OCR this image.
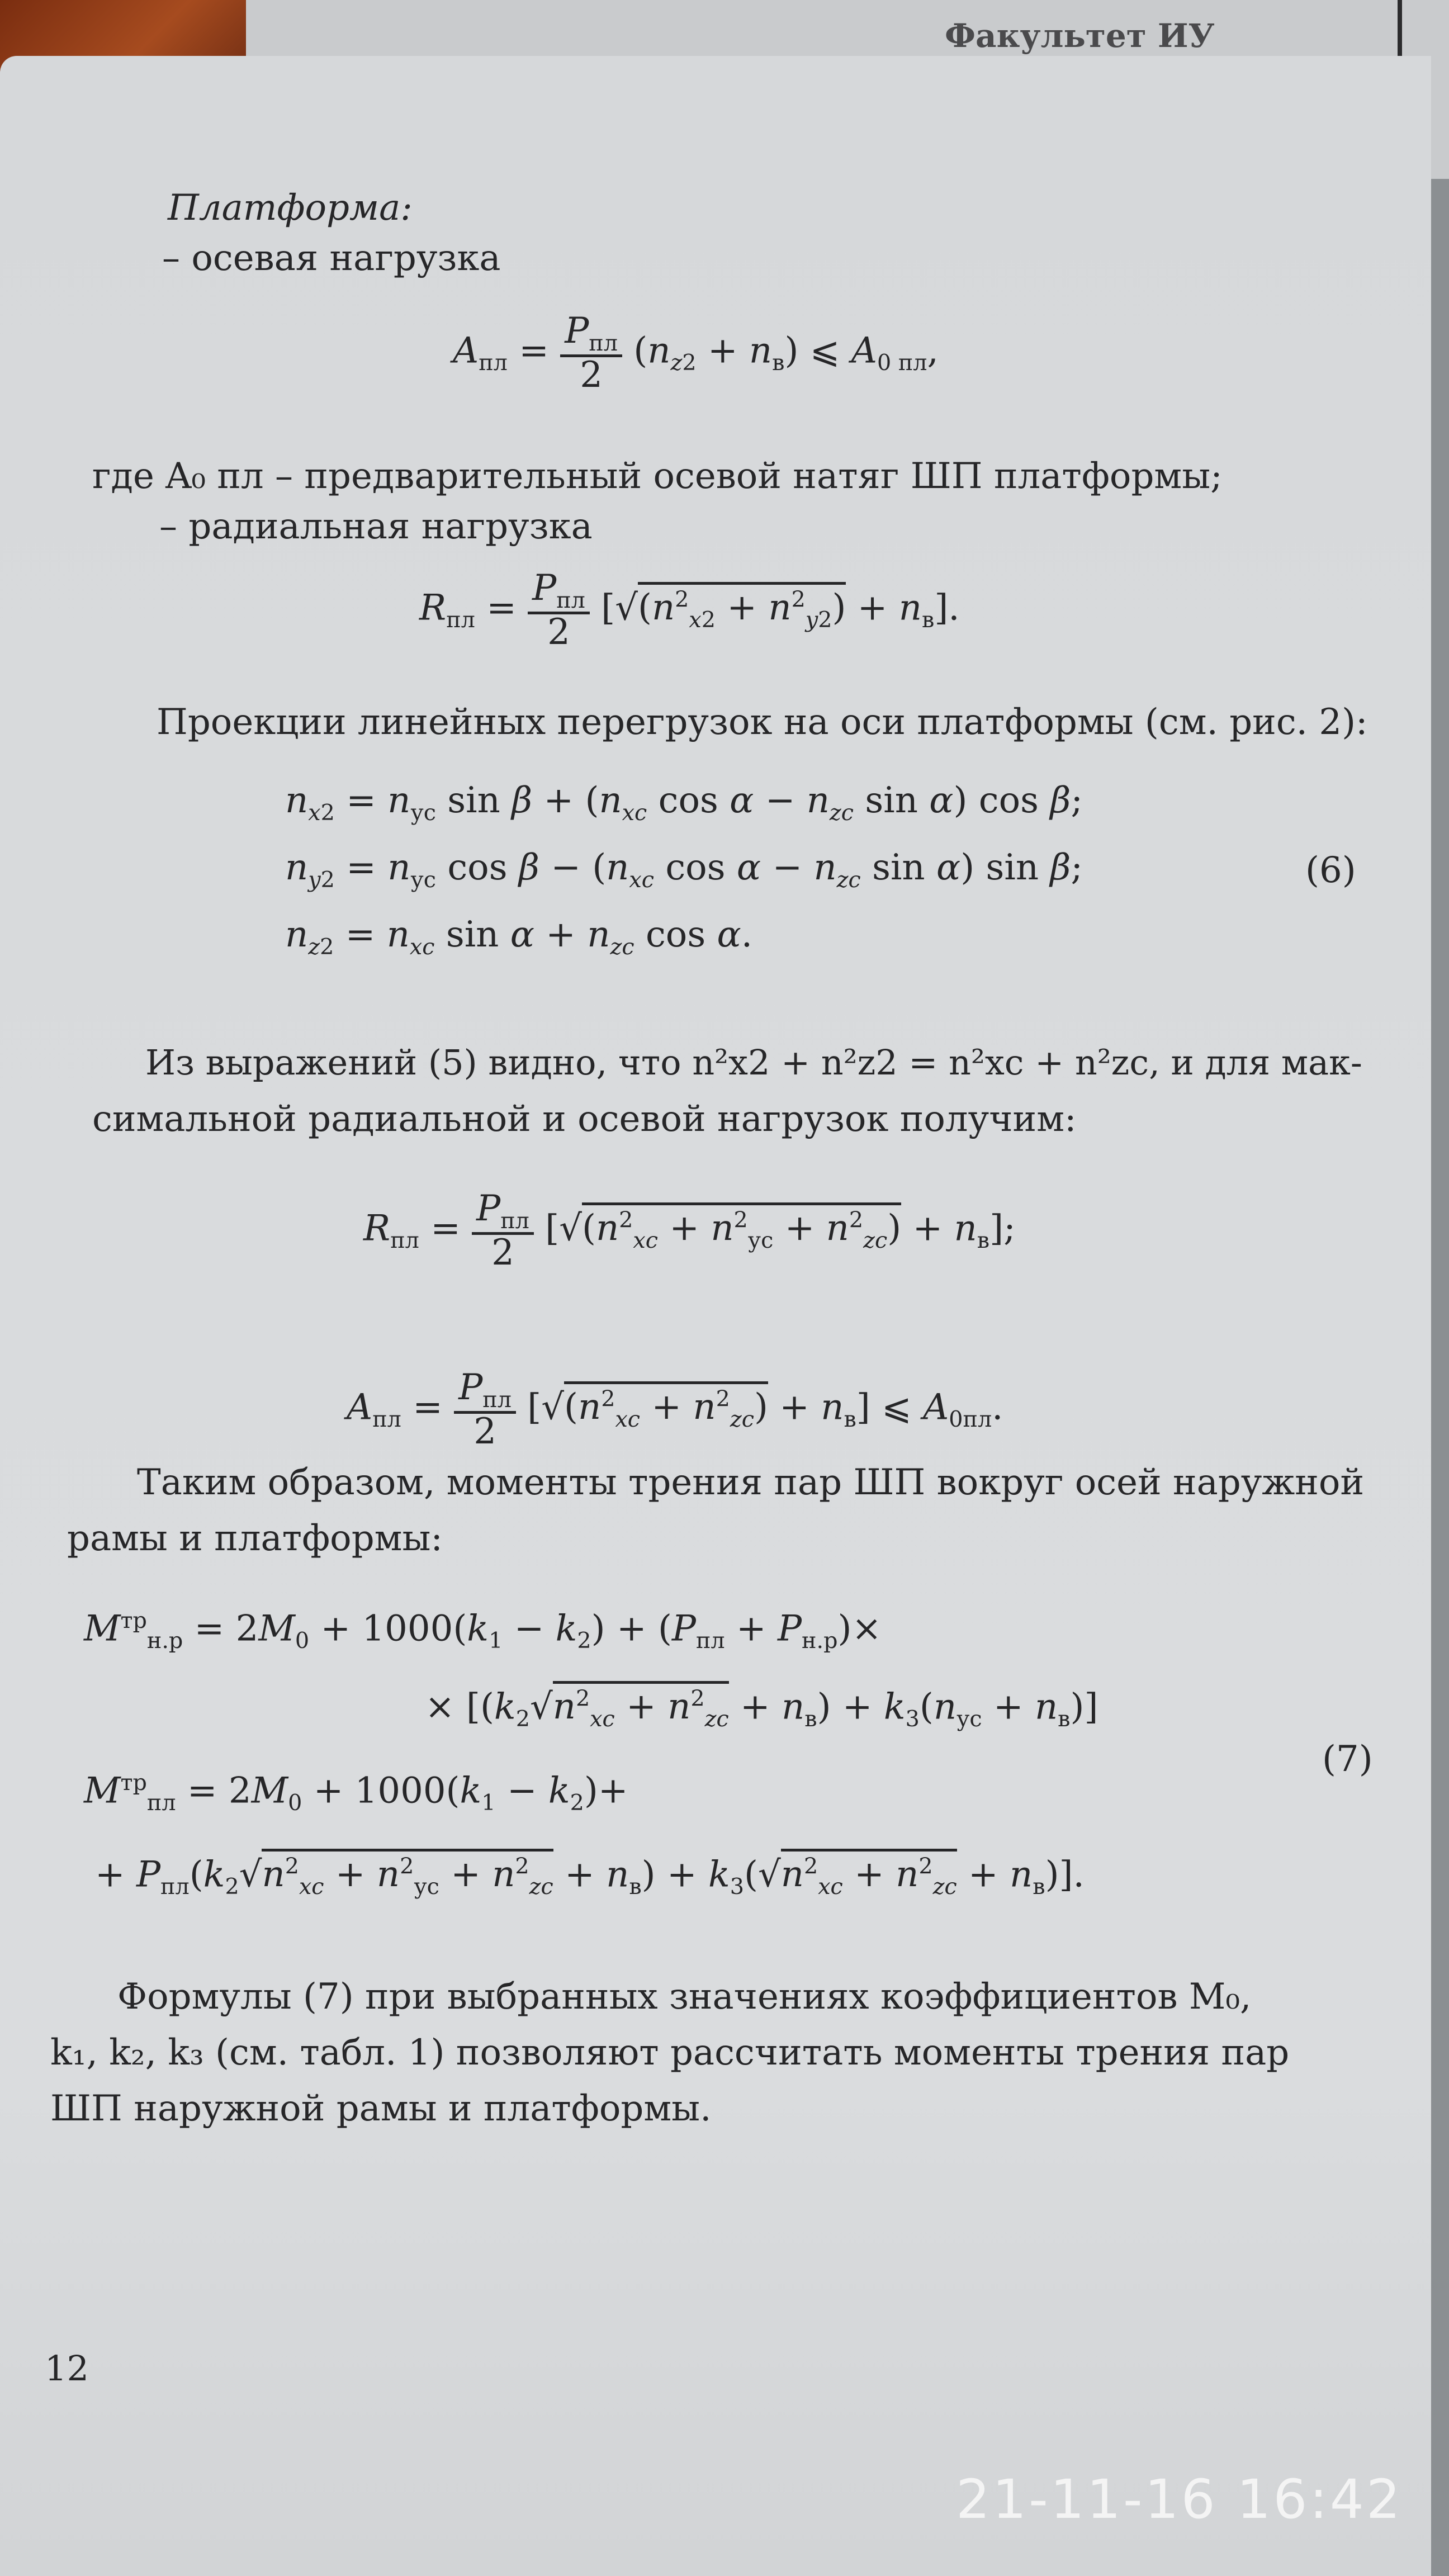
Факультет ИУ
Платформа:
– осевая нагрузка
$A_{пл} = \frac{P_{пл}}{2} (n_{z2} + n_в)$ ⩽ $A_{0 пл}$,
где A₀ пл – предварительный осевой натяг ШП платформы;
– радиальная нагрузка
$R_{пл} = \frac{P_{пл}}{2} [√(n^2_{x2} + n^2_{y2}) + n_в]$.
Проекции линейных перегрузок на оси платформы (см. рис. 2):
$n_{x2} = n_{ус}$ $\sin \beta + (n_{xc}$ $\cos \alpha - n_{zc}$ sin α) cos β;
$n_{y2} = n_{ус}$ $\cos \beta - (n_{xc}$ $\cos \alpha - n_{zc}$ sin α) sin β;
$n_{z2} = n_{xc}$ $\sin \alpha + n_{zc}$ cos α.
(6)
Из выражений (5) видно, что n²x2 + n²z2 = n²xc + n²zc, и для мак-
симальной радиальной и осевой нагрузок получим:
$R_{пл} = \frac{P_{пл}}{2} [√(n^2_{xc} + n^2_{ус} + n^2_{zc}) + n_в]$;
$A_{пл} = \frac{P_{пл}}{2} [√(n^2_{xc} + n^2_{zc}) + n_в]$ ⩽ $A_{0пл}$.
Таким образом, моменты трения пар ШП вокруг осей наружной
рамы и платформы:
$M^{тр}_{н.р} = 2M_0 + 1000(k_1 - k_2) + (P_{пл} + P_{н.р})\times$
× $[(k_2√n^2_{xc} + n^2_{zc} + n_в) + k_3(n_{ус} + n_в)]$
(7)
$M^{тр}_{пл} = 2M_0 + 1000(k_1 - k_2)+$
+ $P_{пл}(k_2√n^2_{xc} + n^2_{ус} + n^2_{zc} + n_в) + k_3(√n^2_{xc} + n^2_{zc} + n_в)$].
Формулы (7) при выбранных значениях коэффициентов M₀,
k₁, k₂, k₃ (см. табл. 1) позволяют рассчитать моменты трения пар
ШП наружной рамы и платформы.
12
21-11-16 16:42
